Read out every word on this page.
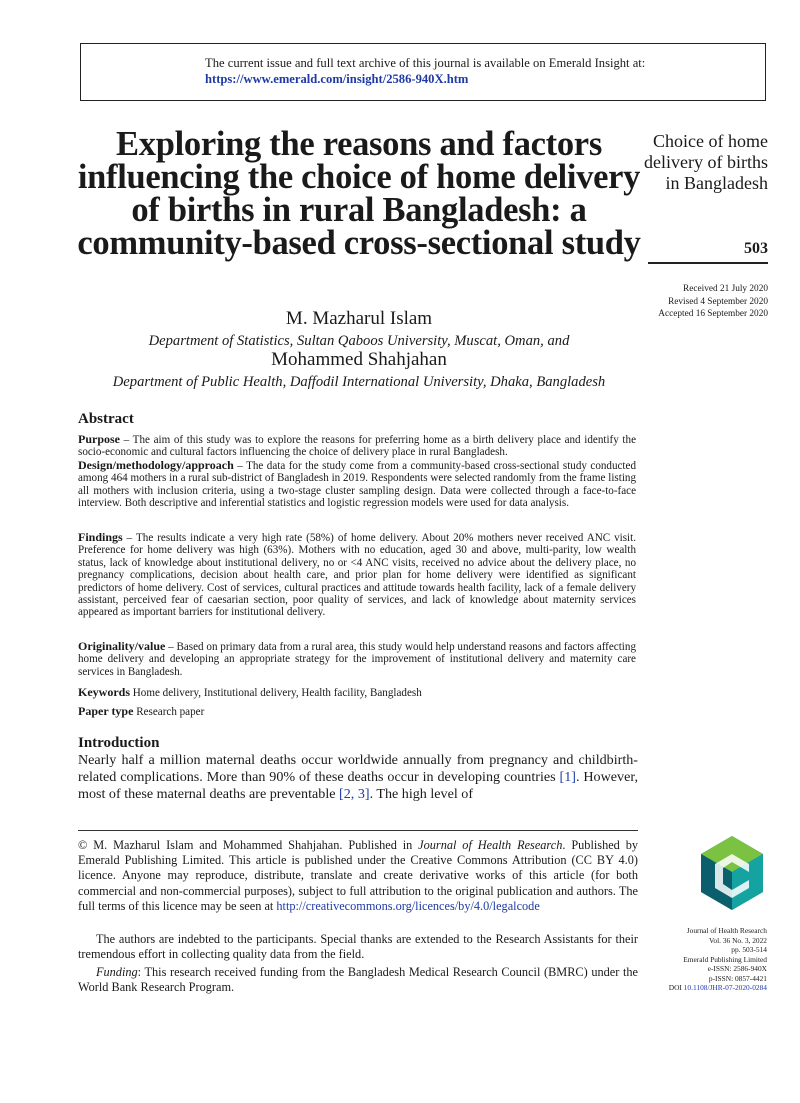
The current issue and full text archive of this journal is available on Emerald Insight at:
https://www.emerald.com/insight/2586-940X.htm
Exploring the reasons and factors influencing the choice of home delivery of births in rural Bangladesh: a community-based cross-sectional study
M. Mazharul Islam
Department of Statistics, Sultan Qaboos University, Muscat, Oman, and
Mohammed Shahjahan
Department of Public Health, Daffodil International University, Dhaka, Bangladesh
Choice of home delivery of births in Bangladesh
503
Received 21 July 2020
Revised 4 September 2020
Accepted 16 September 2020
Abstract
Purpose – The aim of this study was to explore the reasons for preferring home as a birth delivery place and identify the socio-economic and cultural factors influencing the choice of delivery place in rural Bangladesh.
Design/methodology/approach – The data for the study come from a community-based cross-sectional study conducted among 464 mothers in a rural sub-district of Bangladesh in 2019. Respondents were selected randomly from the frame listing all mothers with inclusion criteria, using a two-stage cluster sampling design. Data were collected through a face-to-face interview. Both descriptive and inferential statistics and logistic regression models were used for data analysis.
Findings – The results indicate a very high rate (58%) of home delivery. About 20% mothers never received ANC visit. Preference for home delivery was high (63%). Mothers with no education, aged 30 and above, multi-parity, low wealth status, lack of knowledge about institutional delivery, no or <4 ANC visits, received no advice about the delivery place, no pregnancy complications, decision about health care, and prior plan for home delivery were identified as significant predictors of home delivery. Cost of services, cultural practices and attitude towards health facility, lack of a female delivery assistant, perceived fear of caesarian section, poor quality of services, and lack of knowledge about maternity services appeared as important barriers for institutional delivery.
Originality/value – Based on primary data from a rural area, this study would help understand reasons and factors affecting home delivery and developing an appropriate strategy for the improvement of institutional delivery and maternity care services in Bangladesh.
Keywords Home delivery, Institutional delivery, Health facility, Bangladesh
Paper type Research paper
Introduction
Nearly half a million maternal deaths occur worldwide annually from pregnancy and childbirth-related complications. More than 90% of these deaths occur in developing countries [1]. However, most of these maternal deaths are preventable [2, 3]. The high level of
© M. Mazharul Islam and Mohammed Shahjahan. Published in Journal of Health Research. Published by Emerald Publishing Limited. This article is published under the Creative Commons Attribution (CC BY 4.0) licence. Anyone may reproduce, distribute, translate and create derivative works of this article (for both commercial and non-commercial purposes), subject to full attribution to the original publication and authors. The full terms of this licence may be seen at http://creativecommons.org/licences/by/4.0/legalcode
The authors are indebted to the participants. Special thanks are extended to the Research Assistants for their tremendous effort in collecting quality data from the field.
Funding: This research received funding from the Bangladesh Medical Research Council (BMRC) under the World Bank Research Program.
Journal of Health Research
Vol. 36 No. 3, 2022
pp. 503-514
Emerald Publishing Limited
e-ISSN: 2586-940X
p-ISSN: 0857-4421
DOI 10.1108/JHR-07-2020-0284
